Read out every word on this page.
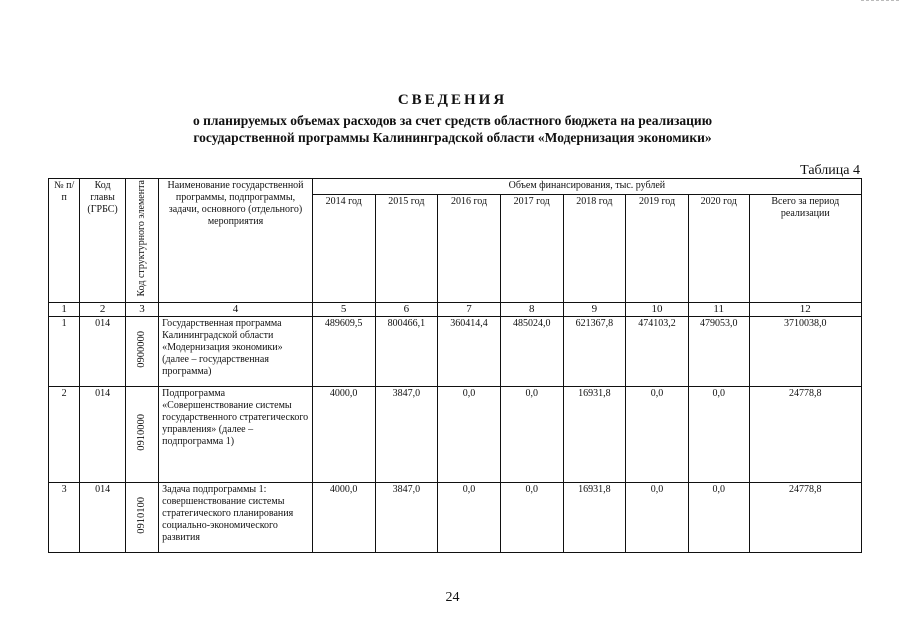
СВЕДЕНИЯ
о планируемых объемах расходов за счет средств областного бюджета на реализацию
государственной программы Калининградской области «Модернизация экономики»
Таблица 4
№ п/п	Код главы (ГРБС)	Код структурного элемента	Наименование государственной программы, подпрограммы, задачи, основного (отдельного) мероприятия	Объем финансирования, тыс. рублей							
				2014 год	2015 год	2016 год	2017 год	2018 год	2019 год	2020 год	Всего за период реализации
1	2	3	4	5	6	7	8	9	10	11	12
1	014	0900000	Государственная программа Калининградской области «Модернизация экономики» (далее – государственная программа)	489609,5	800466,1	360414,4	485024,0	621367,8	474103,2	479053,0	3710038,0
2	014	0910000	Подпрограмма «Совершенствование системы государственного стратегического управления» (далее – подпрограмма 1)	4000,0	3847,0	0,0	0,0	16931,8	0,0	0,0	24778,8
3	014	0910100	Задача подпрограммы 1: совершенствование системы стратегического планирования социально-экономического развития	4000,0	3847,0	0,0	0,0	16931,8	0,0	0,0	24778,8
24
